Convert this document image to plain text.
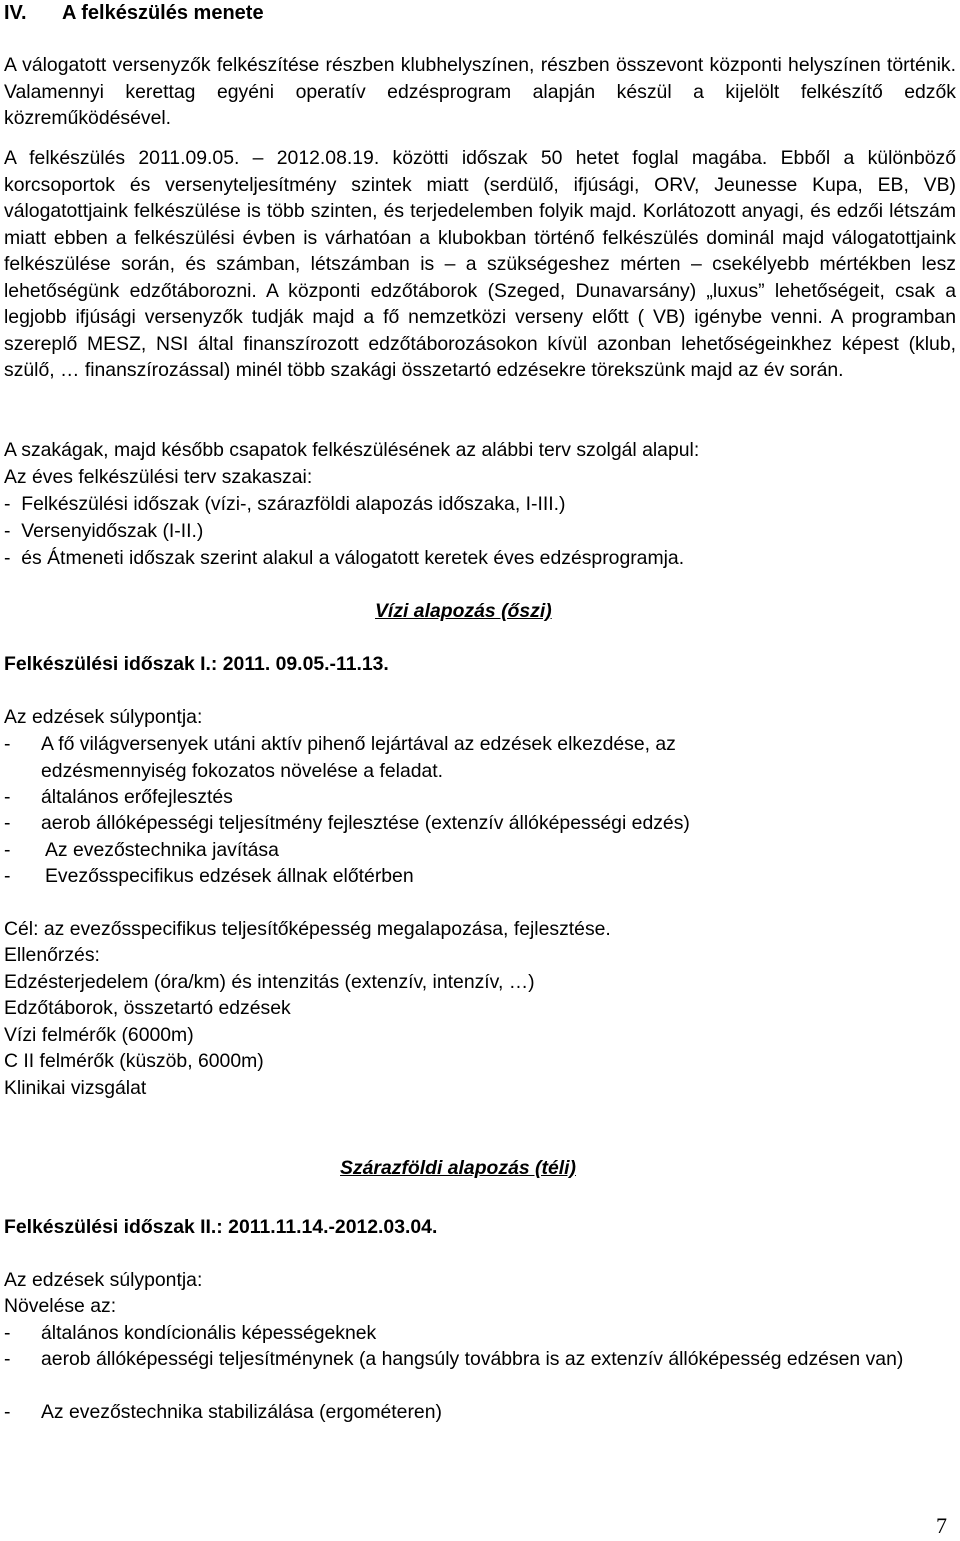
IV. A felkészülés menete

A válogatott versenyzők felkészítése részben klubhelyszínen, részben összevont központi helyszínen történik. Valamennyi kerettag egyéni operatív edzésprogram alapján készül a kijelölt felkészítő edzők közreműködésével.

A felkészülés 2011.09.05. – 2012.08.19. közötti időszak 50 hetet foglal magába. Ebből a különböző korcsoportok és versenyteljesítmény szintek miatt (serdülő, ifjúsági, ORV, Jeunesse Kupa, EB, VB) válogatottjaink felkészülése is több szinten, és terjedelemben folyik majd. Korlátozott anyagi, és edzői létszám miatt ebben a felkészülési évben is várhatóan a klubokban történő felkészülés dominál majd válogatottjaink felkészülése során, és számban, létszámban is – a szükségeshez mérten – csekélyebb mértékben lesz lehetőségünk edzőtáborozni. A központi edzőtáborok (Szeged, Dunavarsány) „luxus” lehetőségeit, csak a legjobb ifjúsági versenyzők tudják majd a fő nemzetközi verseny előtt ( VB) igénybe venni. A programban szereplő MESZ, NSI által finanszírozott edzőtáborozásokon kívül azonban lehetőségeinkhez képest (klub, szülő, … finanszírozással) minél több szakági összetartó edzésekre törekszünk majd az év során.

A szakágak, majd később csapatok felkészülésének az alábbi terv szolgál alapul:
Az éves felkészülési terv szakaszai:
- Felkészülési időszak (vízi-, szárazföldi alapozás időszaka, I-III.)
- Versenyidőszak (I-II.)
- és Átmeneti időszak szerint alakul a válogatott keretek éves edzésprogramja.
Vízi alapozás (őszi)
Felkészülési időszak I.: 2011. 09.05.-11.13.
Az edzések súlypontja:
- A fő világversenyek utáni aktív pihenő lejártával az edzések elkezdése, az edzésmennyiség fokozatos növelése a feladat.
- általános erőfejlesztés
- aerob állóképességi teljesítmény fejlesztése (extenzív állóképességi edzés)
- Az evezőstechnika javítása
- Evezősspecifikus edzések állnak előtérben
Cél: az evezősspecifikus teljesítőképesség megalapozása, fejlesztése.
Ellenőrzés:
Edzésterjedelem (óra/km) és intenzitás (extenzív, intenzív, …)
Edzőtáborok, összetartó edzések
Vízi felmérők (6000m)
C II felmérők (küszöb, 6000m)
Klinikai vizsgálat
Szárazföldi alapozás (téli)
Felkészülési időszak II.: 2011.11.14.-2012.03.04.
Az edzések súlypontja:
Növelése az:
- általános kondícionális képességeknek
- aerob állóképességi teljesítménynek (a hangsúly továbbra is az extenzív állóképesség edzésen van)
- Az evezőstechnika stabilizálása (ergométeren)
7
